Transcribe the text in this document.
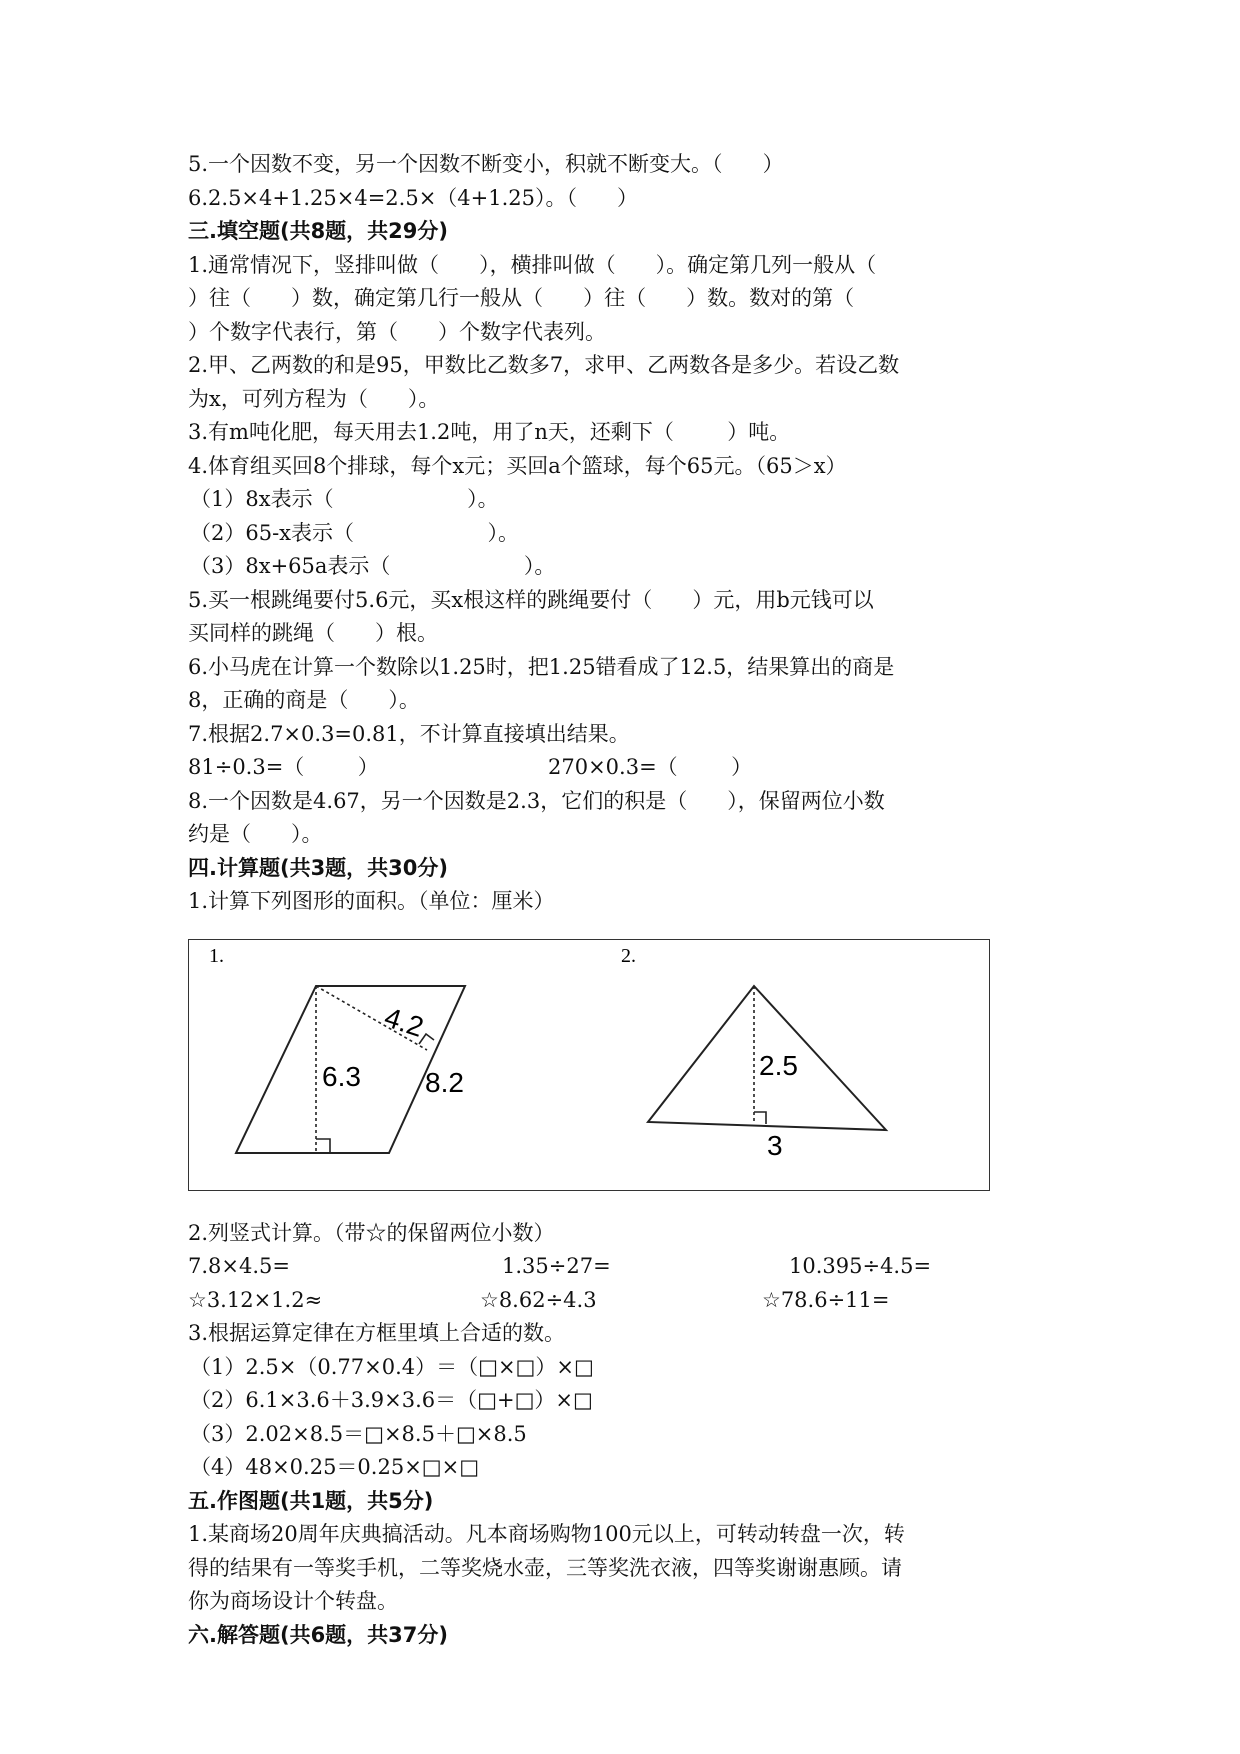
5.一个因数不变，另一个因数不断变小，积就不断变大。（      ）
6.2.5×4+1.25×4=2.5×（4+1.25）。（      ）
三.填空题(共8题，共29分)
1.通常情况下，竖排叫做（      ），横排叫做（      ）。确定第几列一般从（
）往（      ）数，确定第几行一般从（      ）往（      ）数。数对的第（
）个数字代表行，第（      ）个数字代表列。
2.甲、乙两数的和是95，甲数比乙数多7，求甲、乙两数各是多少。若设乙数
为x，可列方程为（      ）。
3.有m吨化肥，每天用去1.2吨，用了n天，还剩下（        ）吨。
4.体育组买回8个排球，每个x元；买回a个篮球，每个65元。（65＞x）
（1）8x表示（                    ）。
（2）65-x表示（                    ）。
（3）8x+65a表示（                    ）。
5.买一根跳绳要付5.6元，买x根这样的跳绳要付（      ）元，用b元钱可以
买同样的跳绳（      ）根。
6.小马虎在计算一个数除以1.25时，把1.25错看成了12.5，结果算出的商是
8，正确的商是（      ）。
7.根据2.7×0.3=0.81，不计算直接填出结果。
81÷0.3=（        ）	270×0.3=（        ）
8.一个因数是4.67，另一个因数是2.3，它们的积是（      ），保留两位小数
约是（      ）。
四.计算题(共3题，共30分)
1.计算下列图形的面积。（单位：厘米）
1.	2.
6.3
4.2
8.2
2.5
3
2.列竖式计算。（带☆的保留两位小数）
7.8×4.5=	1.35÷27=	10.395÷4.5=
☆3.12×1.2≈	☆8.62÷4.3	☆78.6÷11=
3.根据运算定律在方框里填上合适的数。
（1）2.5×（0.77×0.4）＝（□×□）×□
（2）6.1×3.6＋3.9×3.6＝（□+□）×□
（3）2.02×8.5＝□×8.5＋□×8.5
（4）48×0.25＝0.25×□×□
五.作图题(共1题，共5分)
1.某商场20周年庆典搞活动。凡本商场购物100元以上，可转动转盘一次，转
得的结果有一等奖手机，二等奖烧水壶，三等奖洗衣液，四等奖谢谢惠顾。请
你为商场设计个转盘。
六.解答题(共6题，共37分)
